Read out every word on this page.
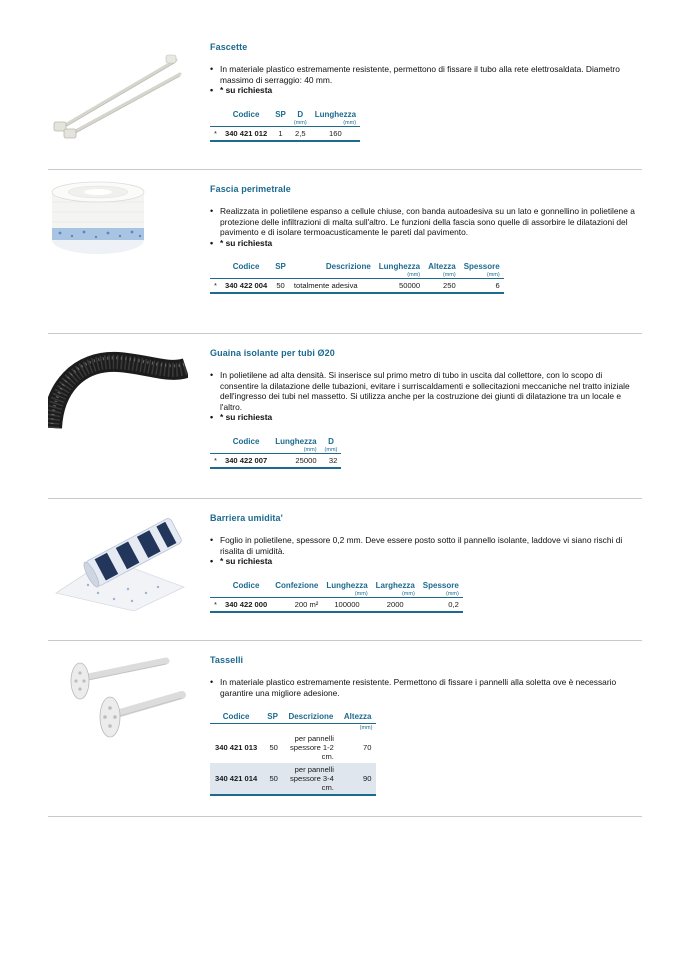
Fascette
• In materiale plastico estremamente resistente, permettono di fissare il tubo alla rete elettrosaldata. Diametro massimo di serraggio: 40 mm.
• * su richiesta
	Codice	SP	D	Lunghezza
			(mm)	(mm)
*	340 421 012	1	2,5	160
Fascia perimetrale
• Realizzata in polietilene espanso a cellule chiuse, con banda autoadesiva su un lato e gonnellino in polietilene a protezione delle infiltrazioni di malta sull'altro. Le funzioni della fascia sono quelle di assorbire le dilatazioni del pavimento e di isolare termoacusticamente le pareti dal pavimento.
• * su richiesta
	Codice	SP	Descrizione	Lunghezza	Altezza	Spessore
				(mm)	(mm)	(mm)
*	340 422 004	50	totalmente adesiva	50000	250	6
Guaina isolante per tubi Ø20
• In polietilene ad alta densità. Si inserisce sul primo metro di tubo in uscita dal collettore, con lo scopo di consentire la dilatazione delle tubazioni, evitare i surriscaldamenti e sollecitazioni meccaniche nel tratto iniziale dell'ingresso dei tubi nel massetto. Si utilizza anche per la costruzione dei giunti di dilatazione tra un locale e l'altro.
• * su richiesta
	Codice	Lunghezza	D
		(mm)	(mm)
*	340 422 007	25000	32
Barriera umidita'
• Foglio in polietilene, spessore 0,2 mm. Deve essere posto sotto il pannello isolante, laddove vi siano rischi di risalita di umidità.
• * su richiesta
	Codice	Confezione	Lunghezza	Larghezza	Spessore
			(mm)	(mm)	(mm)
*	340 422 000	200 m²	100000	2000	0,2
Tasselli
• In materiale plastico estremamente resistente. Permettono di fissare i pannelli alla soletta ove è necessario garantire una migliore adesione.
Codice	SP	Descrizione	Altezza
			(mm)
340 421 013	50	per pannelli spessore 1-2 cm.	70
340 421 014	50	per pannelli spessore 3-4 cm.	90
